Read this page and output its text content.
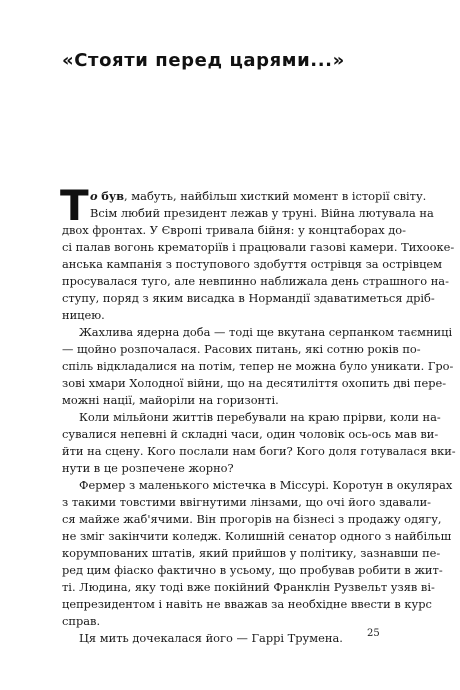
«Стояти перед царями...»
Т о був, мабуть, найбільш хисткий момент в історії світу.
Всім любий президент лежав у труні. Війна лютувала на
двох фронтах. У Європі тривала бійня: у концтаборах до-
сі палав вогонь крематоріїв і працювали газові камери. Тихооке-
анська кампанія з поступового здобуття острівця за острівцем
просувалася туго, але невпинно наближала день страшного на-
ступу, поряд з яким висадка в Нормандії здаватиметься дріб-
ницею.
Жахлива ядерна доба — тоді ще вкутана серпанком таємниці
— щойно розпочалася. Расових питань, які сотню років по-
спіль відкладалися на потім, тепер не можна було уникати. Гро-
зові хмари Холодної війни, що на десятиліття охопить дві пере-
можні нації, майоріли на горизонті.
Коли мільйони життів перебували на краю прірви, коли на-
сувалися непевні й складні часи, один чоловік ось-ось мав ви-
йти на сцену. Кого послали нам боги? Кого доля готувалася вки-
нути в це розпечене жорно?
Фермер з маленького містечка в Міссурі. Коротун в окулярах
з такими товстими ввігнутими лінзами, що очі його здавали-
ся майже жаб'ячими. Він прогорів на бізнесі з продажу одягу,
не зміг закінчити коледж. Колишній сенатор одного з найбільш
корумпованих штатів, який прийшов у політику, зазнавши пе-
ред цим фіаско фактично в усьому, що пробував робити в жит-
ті. Людина, яку тоді вже покійний Франклін Рузвельт узяв ві-
цепрезидентом і навіть не вважав за необхідне ввести в курс
справ.
Ця мить дочекалася його — Гаррі Трумена.	25
